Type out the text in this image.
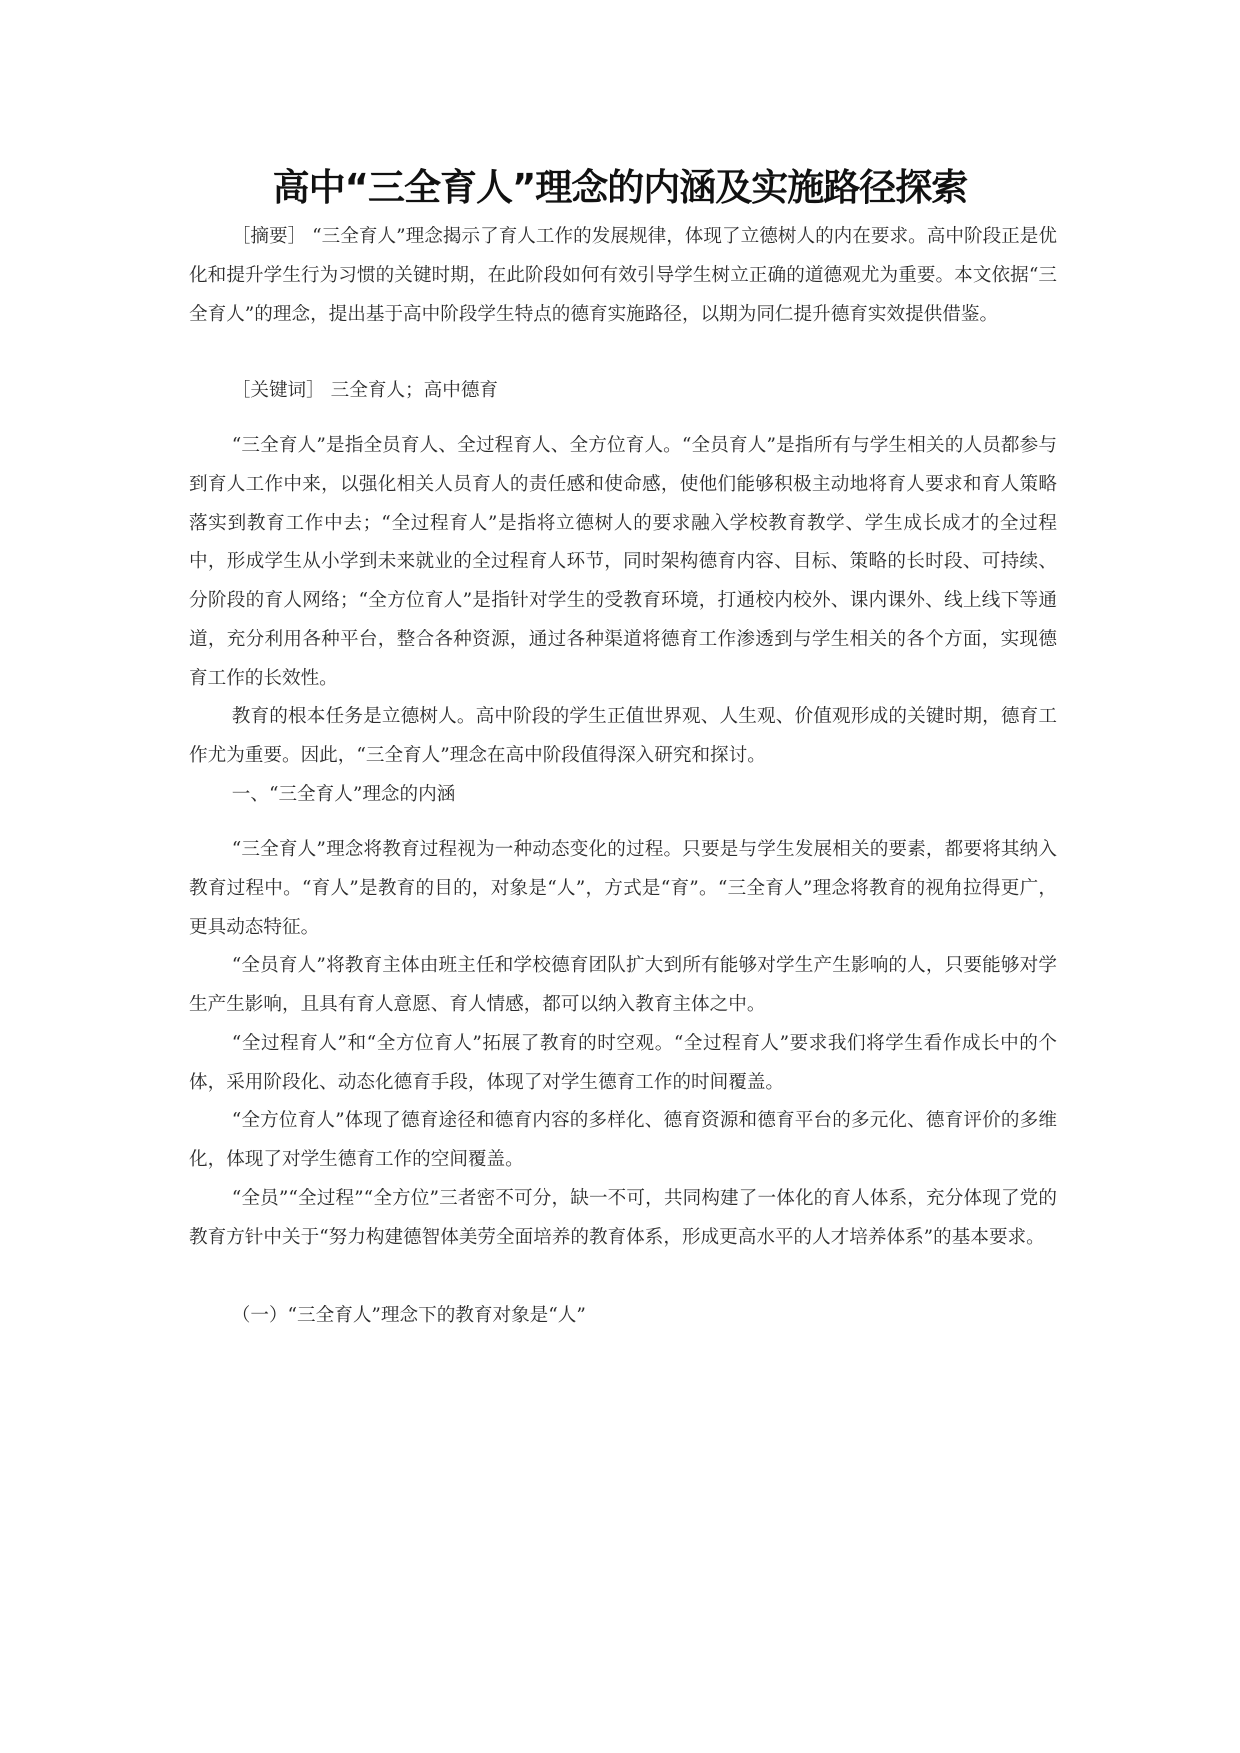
高中“三全育人”理念的内涵及实施路径探索

［摘要］ “三全育人”理念揭示了育人工作的发展规律，体现了立德树人的内在要求。高中阶段正是优化和提升学生行为习惯的关键时期，在此阶段如何有效引导学生树立正确的道德观尤为重要。本文依据“三全育人”的理念，提出基于高中阶段学生特点的德育实施路径，以期为同仁提升德育实效提供借鉴。

［关键词］ 三全育人；高中德育

“三全育人”是指全员育人、全过程育人、全方位育人。“全员育人”是指所有与学生相关的人员都参与到育人工作中来，以强化相关人员育人的责任感和使命感，使他们能够积极主动地将育人要求和育人策略落实到教育工作中去；“全过程育人”是指将立德树人的要求融入学校教育教学、学生成长成才的全过程中，形成学生从小学到未来就业的全过程育人环节，同时架构德育内容、目标、策略的长时段、可持续、分阶段的育人网络；“全方位育人”是指针对学生的受教育环境，打通校内校外、课内课外、线上线下等通道，充分利用各种平台，整合各种资源，通过各种渠道将德育工作渗透到与学生相关的各个方面，实现德育工作的长效性。

教育的根本任务是立德树人。高中阶段的学生正值世界观、人生观、价值观形成的关键时期，德育工作尤为重要。因此，“三全育人”理念在高中阶段值得深入研究和探讨。

一、“三全育人”理念的内涵

“三全育人”理念将教育过程视为一种动态变化的过程。只要是与学生发展相关的要素，都要将其纳入教育过程中。“育人”是教育的目的，对象是“人”，方式是“育”。“三全育人”理念将教育的视角拉得更广，更具动态特征。

“全员育人”将教育主体由班主任和学校德育团队扩大到所有能够对学生产生影响的人，只要能够对学生产生影响，且具有育人意愿、育人情感，都可以纳入教育主体之中。

“全过程育人”和“全方位育人”拓展了教育的时空观。“全过程育人”要求我们将学生看作成长中的个体，采用阶段化、动态化德育手段，体现了对学生德育工作的时间覆盖。

“全方位育人”体现了德育途径和德育内容的多样化、德育资源和德育平台的多元化、德育评价的多维化，体现了对学生德育工作的空间覆盖。

“全员”“全过程”“全方位”三者密不可分，缺一不可，共同构建了一体化的育人体系，充分体现了党的教育方针中关于“努力构建德智体美劳全面培养的教育体系，形成更高水平的人才培养体系”的基本要求。

（一）“三全育人”理念下的教育对象是“人”
